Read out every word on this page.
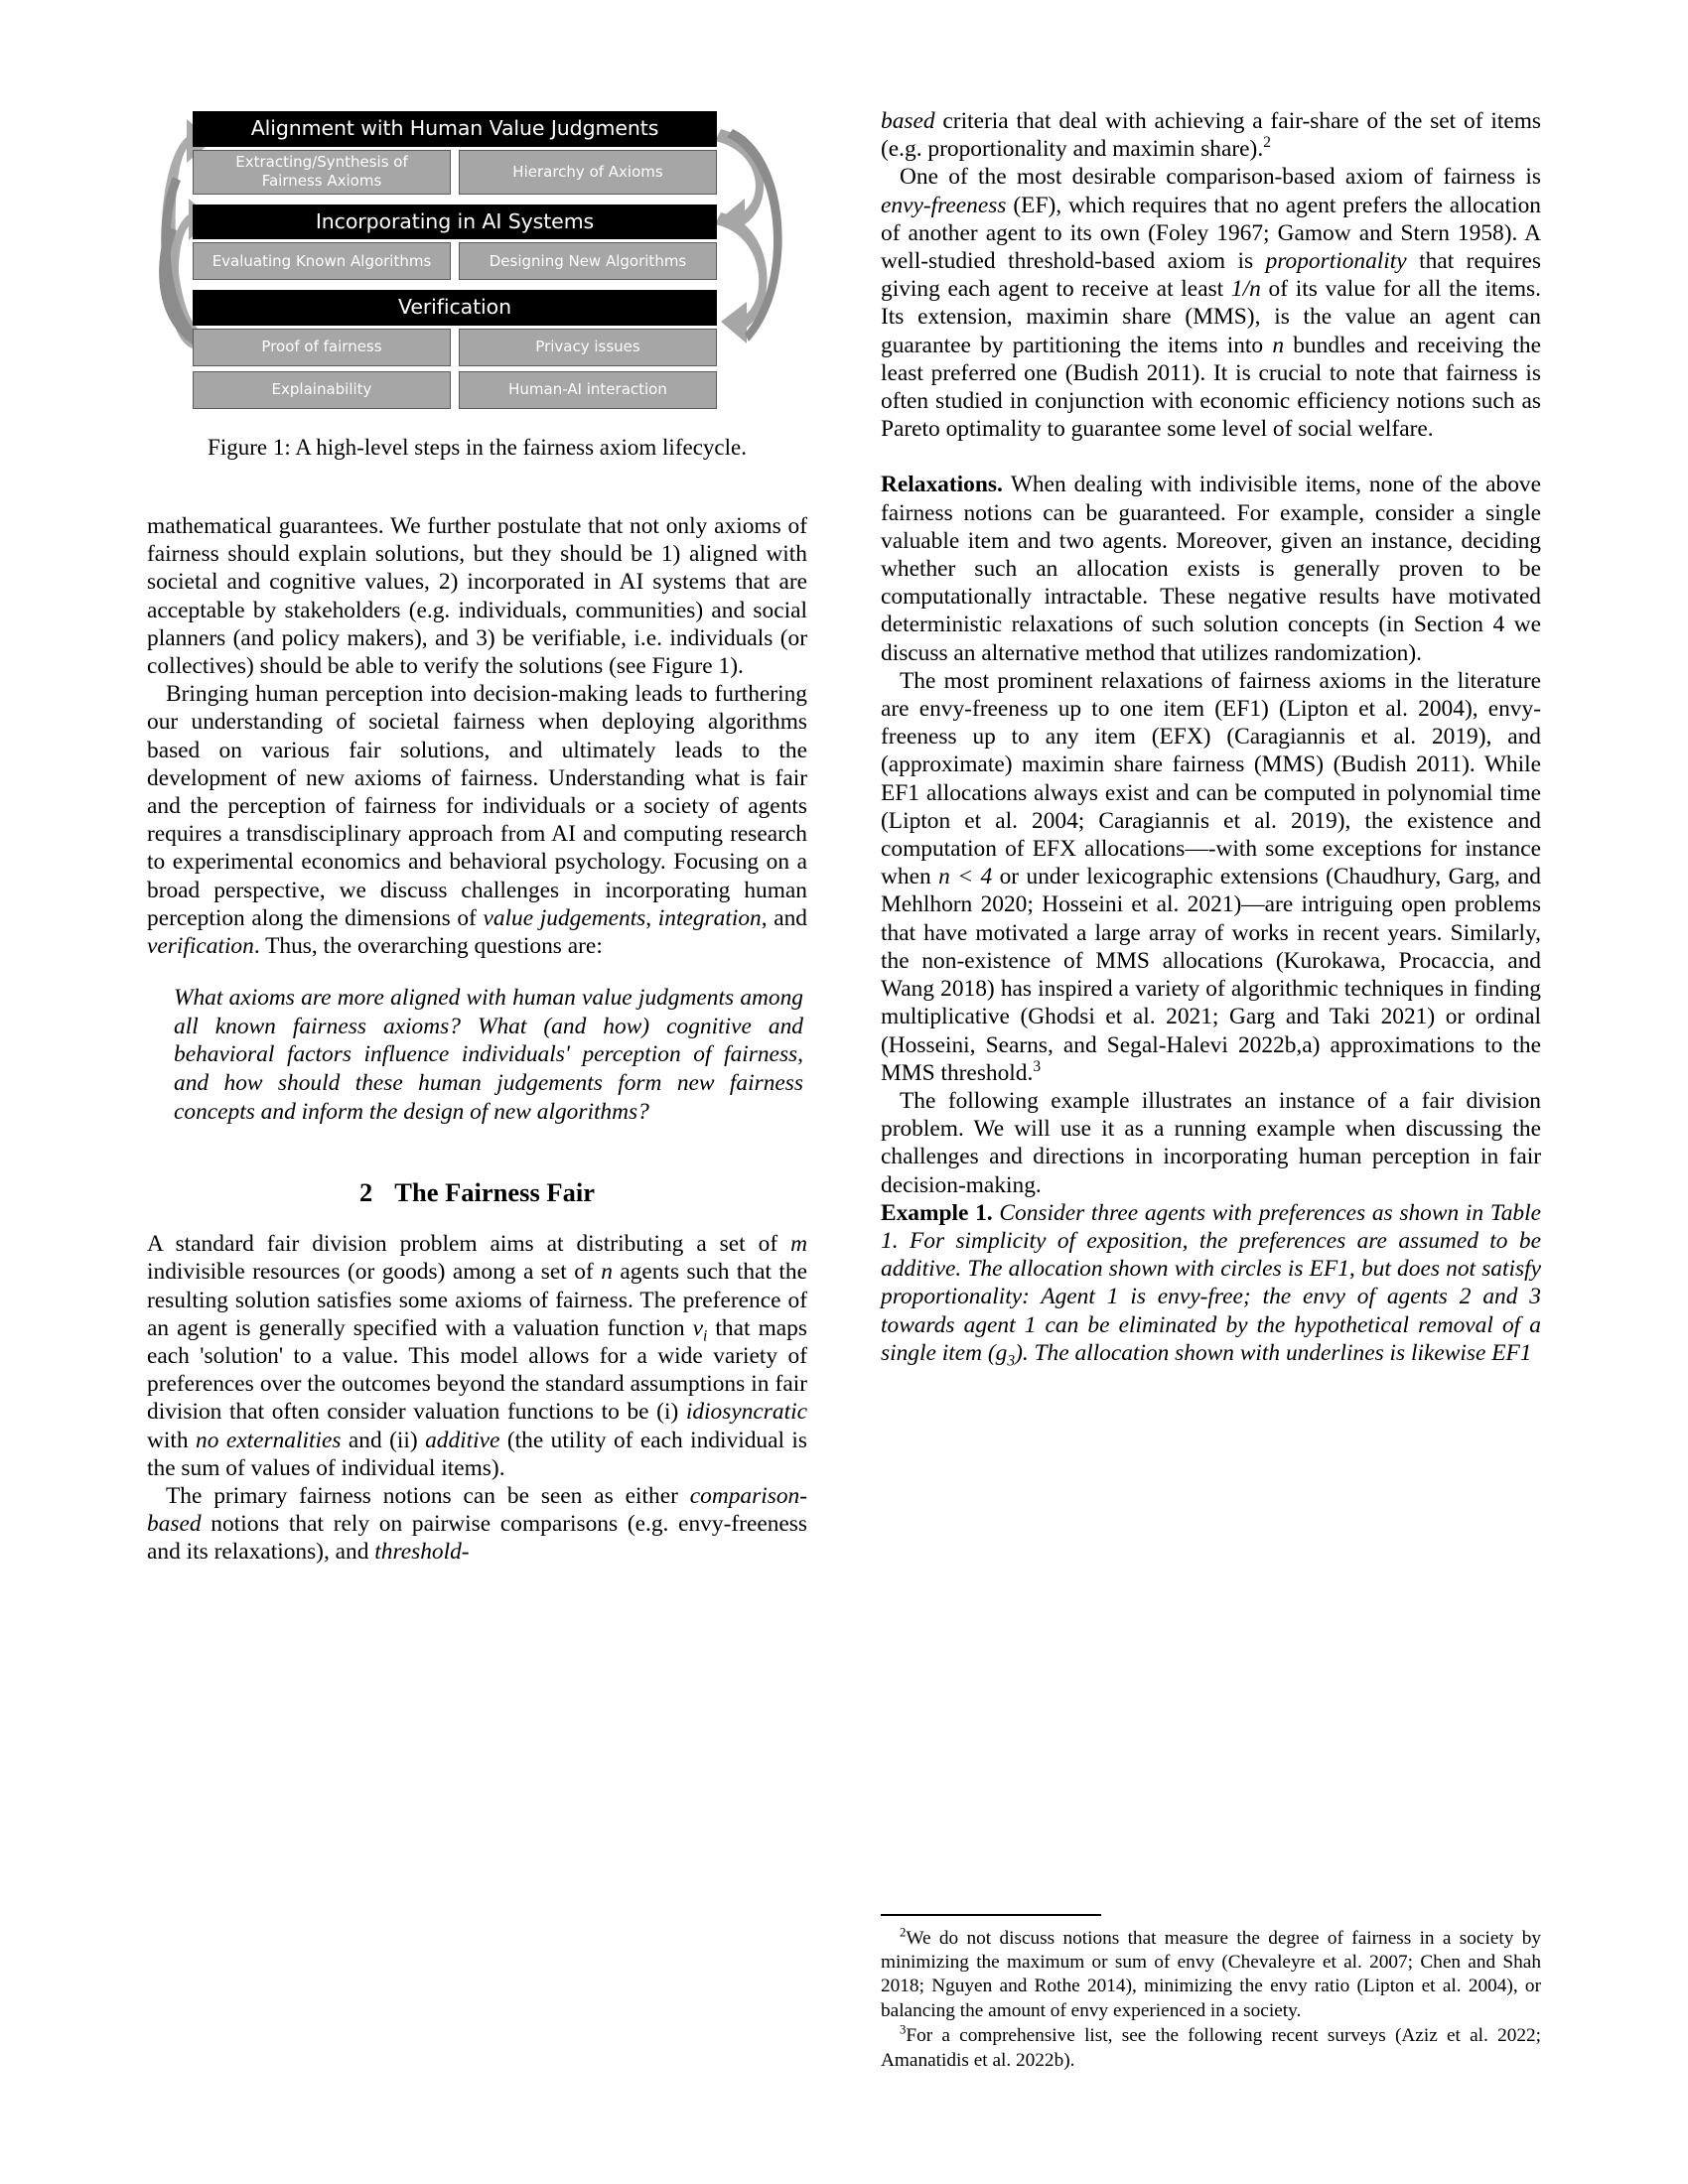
Alignment with Human Value Judgments
Extracting/Synthesis of
Fairness Axioms
Hierarchy of Axioms
Incorporating in AI Systems
Evaluating Known Algorithms	Designing New Algorithms
Verification
Proof of fairness	Privacy issues
Explainability	Human-AI interaction
Figure 1: A high-level steps in the fairness axiom lifecycle.

mathematical guarantees. We further postulate that not only axioms of fairness should explain solutions, but they should be 1) aligned with societal and cognitive values, 2) incorporated in AI systems that are acceptable by stakeholders (e.g. individuals, communities) and social planners (and policy makers), and 3) be verifiable, i.e. individuals (or collectives) should be able to verify the solutions (see Figure 1).

Bringing human perception into decision-making leads to furthering our understanding of societal fairness when deploying algorithms based on various fair solutions, and ultimately leads to the development of new axioms of fairness. Understanding what is fair and the perception of fairness for individuals or a society of agents requires a transdisciplinary approach from AI and computing research to experimental economics and behavioral psychology. Focusing on a broad perspective, we discuss challenges in incorporating human perception along the dimensions of value judgements, integration, and verification. Thus, the overarching questions are:

What axioms are more aligned with human value judgments among all known fairness axioms? What (and how) cognitive and behavioral factors influence individuals' perception of fairness, and how should these human judgements form new fairness concepts and inform the design of new algorithms?

2 The Fairness Fair

A standard fair division problem aims at distributing a set of m indivisible resources (or goods) among a set of n agents such that the resulting solution satisfies some axioms of fairness. The preference of an agent is generally specified with a valuation function $v_i$ that maps each 'solution' to a value. This model allows for a wide variety of preferences over the outcomes beyond the standard assumptions in fair division that often consider valuation functions to be (i) idiosyncratic with no externalities and (ii) additive (the utility of each individual is the sum of values of individual items).

The primary fairness notions can be seen as either comparison-based notions that rely on pairwise comparisons (e.g. envy-freeness and its relaxations), and threshold-

based criteria that deal with achieving a fair-share of the set of items (e.g. proportionality and maximin share).$^2$

One of the most desirable comparison-based axiom of fairness is envy-freeness (EF), which requires that no agent prefers the allocation of another agent to its own (Foley 1967; Gamow and Stern 1958). A well-studied threshold-based axiom is proportionality that requires giving each agent to receive at least 1/n of its value for all the items. Its extension, maximin share (MMS), is the value an agent can guarantee by partitioning the items into n bundles and receiving the least preferred one (Budish 2011). It is crucial to note that fairness is often studied in conjunction with economic efficiency notions such as Pareto optimality to guarantee some level of social welfare.

Relaxations. When dealing with indivisible items, none of the above fairness notions can be guaranteed. For example, consider a single valuable item and two agents. Moreover, given an instance, deciding whether such an allocation exists is generally proven to be computationally intractable. These negative results have motivated deterministic relaxations of such solution concepts (in Section 4 we discuss an alternative method that utilizes randomization).

The most prominent relaxations of fairness axioms in the literature are envy-freeness up to one item (EF1) (Lipton et al. 2004), envy-freeness up to any item (EFX) (Caragiannis et al. 2019), and (approximate) maximin share fairness (MMS) (Budish 2011). While EF1 allocations always exist and can be computed in polynomial time (Lipton et al. 2004; Caragiannis et al. 2019), the existence and computation of EFX allocations—-with some exceptions for instance when n < 4 or under lexicographic extensions (Chaudhury, Garg, and Mehlhorn 2020; Hosseini et al. 2021)—are intriguing open problems that have motivated a large array of works in recent years. Similarly, the non-existence of MMS allocations (Kurokawa, Procaccia, and Wang 2018) has inspired a variety of algorithmic techniques in finding multiplicative (Ghodsi et al. 2021; Garg and Taki 2021) or ordinal (Hosseini, Searns, and Segal-Halevi 2022b,a) approximations to the MMS threshold.$^3$

The following example illustrates an instance of a fair division problem. We will use it as a running example when discussing the challenges and directions in incorporating human perception in fair decision-making.

Example 1. Consider three agents with preferences as shown in Table 1. For simplicity of exposition, the preferences are assumed to be additive. The allocation shown with circles is EF1, but does not satisfy proportionality: Agent 1 is envy-free; the envy of agents 2 and 3 towards agent 1 can be eliminated by the hypothetical removal of a single item $(g_3)$. The allocation shown with underlines is likewise EF1

$^2$We do not discuss notions that measure the degree of fairness in a society by minimizing the maximum or sum of envy (Chevaleyre et al. 2007; Chen and Shah 2018; Nguyen and Rothe 2014), minimizing the envy ratio (Lipton et al. 2004), or balancing the amount of envy experienced in a society.

$^3$For a comprehensive list, see the following recent surveys (Aziz et al. 2022; Amanatidis et al. 2022b).
